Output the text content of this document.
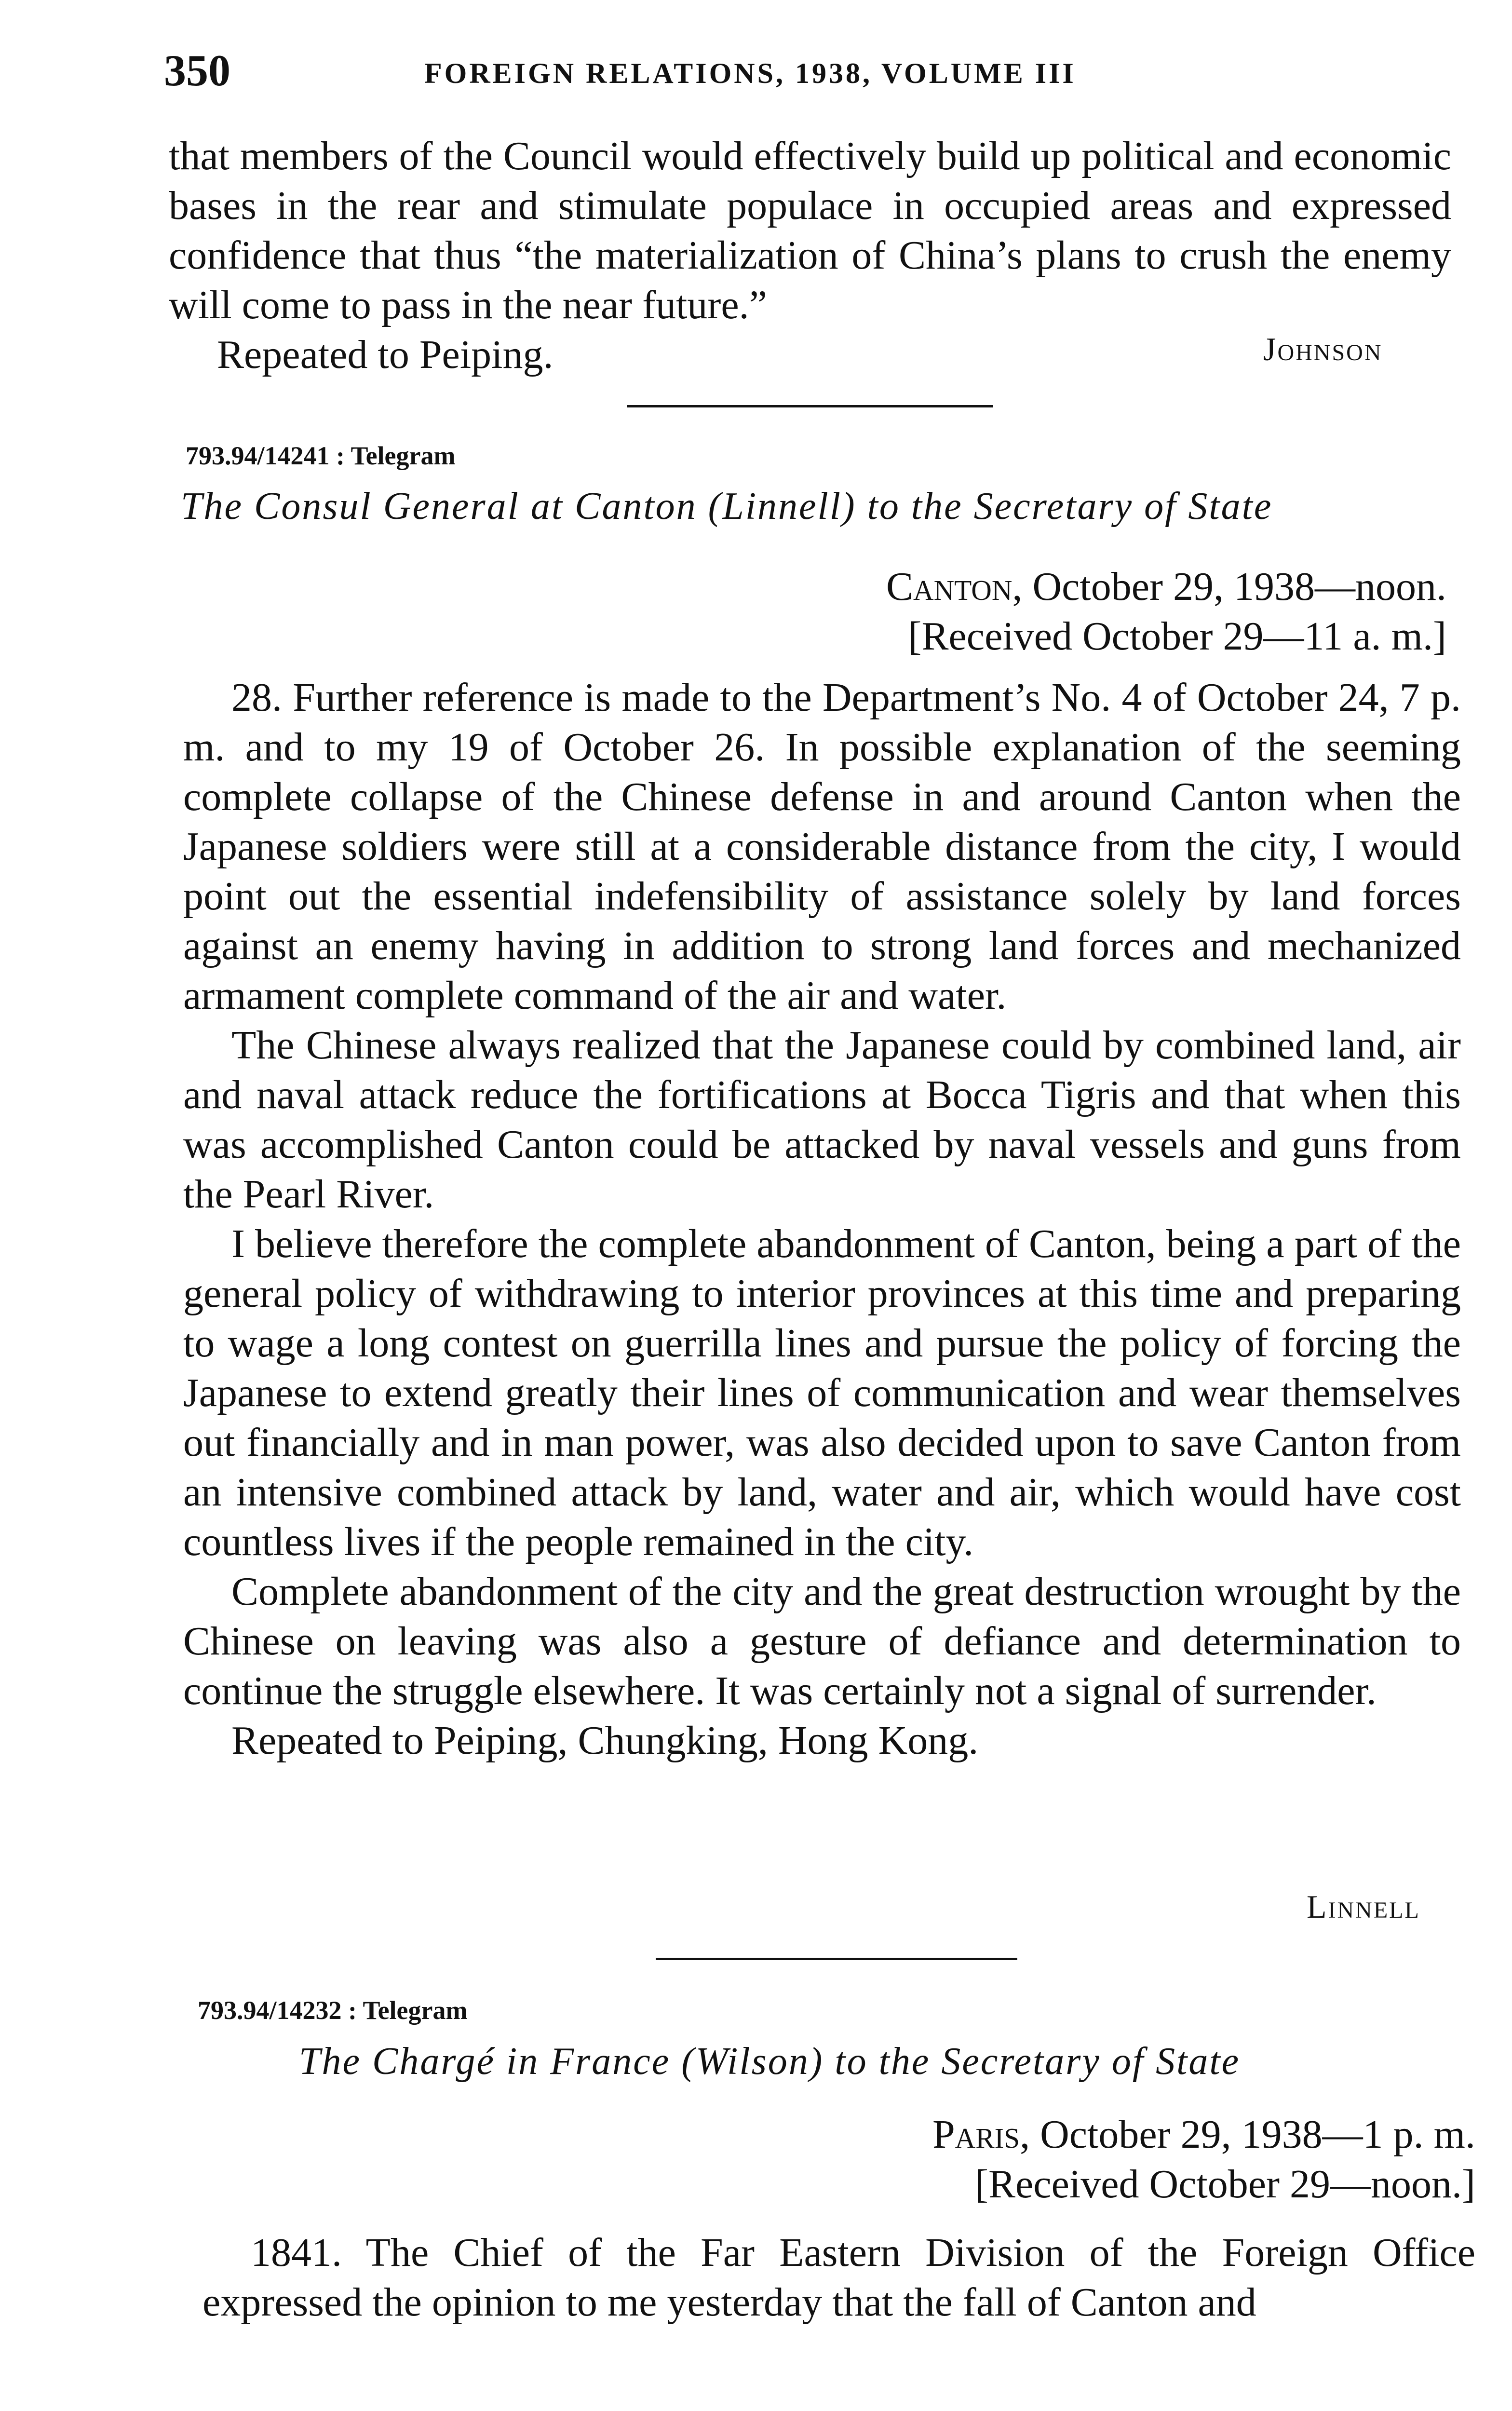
350	FOREIGN RELATIONS, 1938, VOLUME III

that members of the Council would effectively build up political and economic bases in the rear and stimulate populace in occupied areas and expressed confidence that thus “the materialization of China’s plans to crush the enemy will come to pass in the near future.”

Repeated to Peiping.	Johnson
793.94/14241 : Telegram
The Consul General at Canton (Linnell) to the Secretary of State
Canton, October 29, 1938—noon.
[Received October 29—11 a. m.]

28. Further reference is made to the Department’s No. 4 of October 24, 7 p. m. and to my 19 of October 26. In possible explanation of the seeming complete collapse of the Chinese defense in and around Canton when the Japanese soldiers were still at a considerable distance from the city, I would point out the essential indefensibility of assistance solely by land forces against an enemy having in addition to strong land forces and mechanized armament complete command of the air and water.

The Chinese always realized that the Japanese could by combined land, air and naval attack reduce the fortifications at Bocca Tigris and that when this was accomplished Canton could be attacked by naval vessels and guns from the Pearl River.

I believe therefore the complete abandonment of Canton, being a part of the general policy of withdrawing to interior provinces at this time and preparing to wage a long contest on guerrilla lines and pursue the policy of forcing the Japanese to extend greatly their lines of communication and wear themselves out financially and in man power, was also decided upon to save Canton from an intensive combined attack by land, water and air, which would have cost countless lives if the people remained in the city.

Complete abandonment of the city and the great destruction wrought by the Chinese on leaving was also a gesture of defiance and determination to continue the struggle elsewhere. It was certainly not a signal of surrender.

Repeated to Peiping, Chungking, Hong Kong.

Linnell
793.94/14232 : Telegram
The Chargé in France (Wilson) to the Secretary of State
Paris, October 29, 1938—1 p. m.
[Received October 29—noon.]

1841. The Chief of the Far Eastern Division of the Foreign Office expressed the opinion to me yesterday that the fall of Canton and
